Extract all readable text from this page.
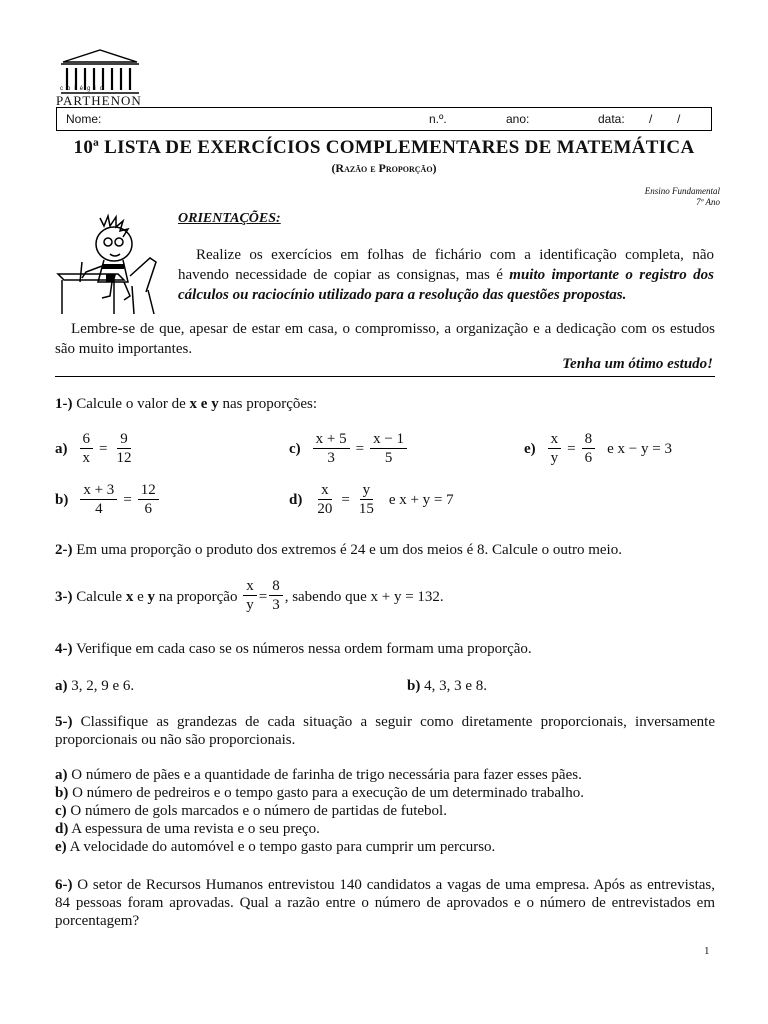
colégio
PARTHENON
Nome:	n.º.	ano:	data: / /
10ª LISTA DE EXERCÍCIOS COMPLEMENTARES DE MATEMÁTICA
(Razão e Proporção)
Ensino Fundamental
7º Ano
ORIENTAÇÕES:
Realize os exercícios em folhas de fichário com a identificação completa, não havendo necessidade de copiar as consignas, mas é muito importante o registro dos cálculos ou raciocínio utilizado para a resolução das questões propostas.
Lembre-se de que, apesar de estar em casa, o compromisso, a organização e a dedicação com os estudos são muito importantes.
Tenha um ótimo estudo!
1-) Calcule o valor de x e y nas proporções:
$a) \frac{6}{x} = \frac{9}{12}$
$b) \frac{x + 3}{4} = \frac{12}{6}$
$c) \frac{x + 5}{3} = \frac{x - 1}{5}$
$d) \frac{x}{20} = \frac{y}{15}$ e x + y = 7
$e) \frac{x}{y} = \frac{8}{6}$ e x − y = 3
2-) Em uma proporção o produto dos extremos é 24 e um dos meios é 8. Calcule o outro meio.
3-) Calcule x e y na proporção $\frac{x}{y} = \frac{8}{3}$ , sabendo que x + y = 132.
4-) Verifique em cada caso se os números nessa ordem formam uma proporção.
a) 3, 2, 9 e 6.	b) 4, 3, 3 e 8.
5-) Classifique as grandezas de cada situação a seguir como diretamente proporcionais, inversamente proporcionais ou não são proporcionais.
a) O número de pães e a quantidade de farinha de trigo necessária para fazer esses pães.
b) O número de pedreiros e o tempo gasto para a execução de um determinado trabalho.
c) O número de gols marcados e o número de partidas de futebol.
d) A espessura de uma revista e o seu preço.
e) A velocidade do automóvel e o tempo gasto para cumprir um percurso.
6-) O setor de Recursos Humanos entrevistou 140 candidatos a vagas de uma empresa. Após as entrevistas, 84 pessoas foram aprovadas. Qual a razão entre o número de aprovados e o número de entrevistados em porcentagem?
1
